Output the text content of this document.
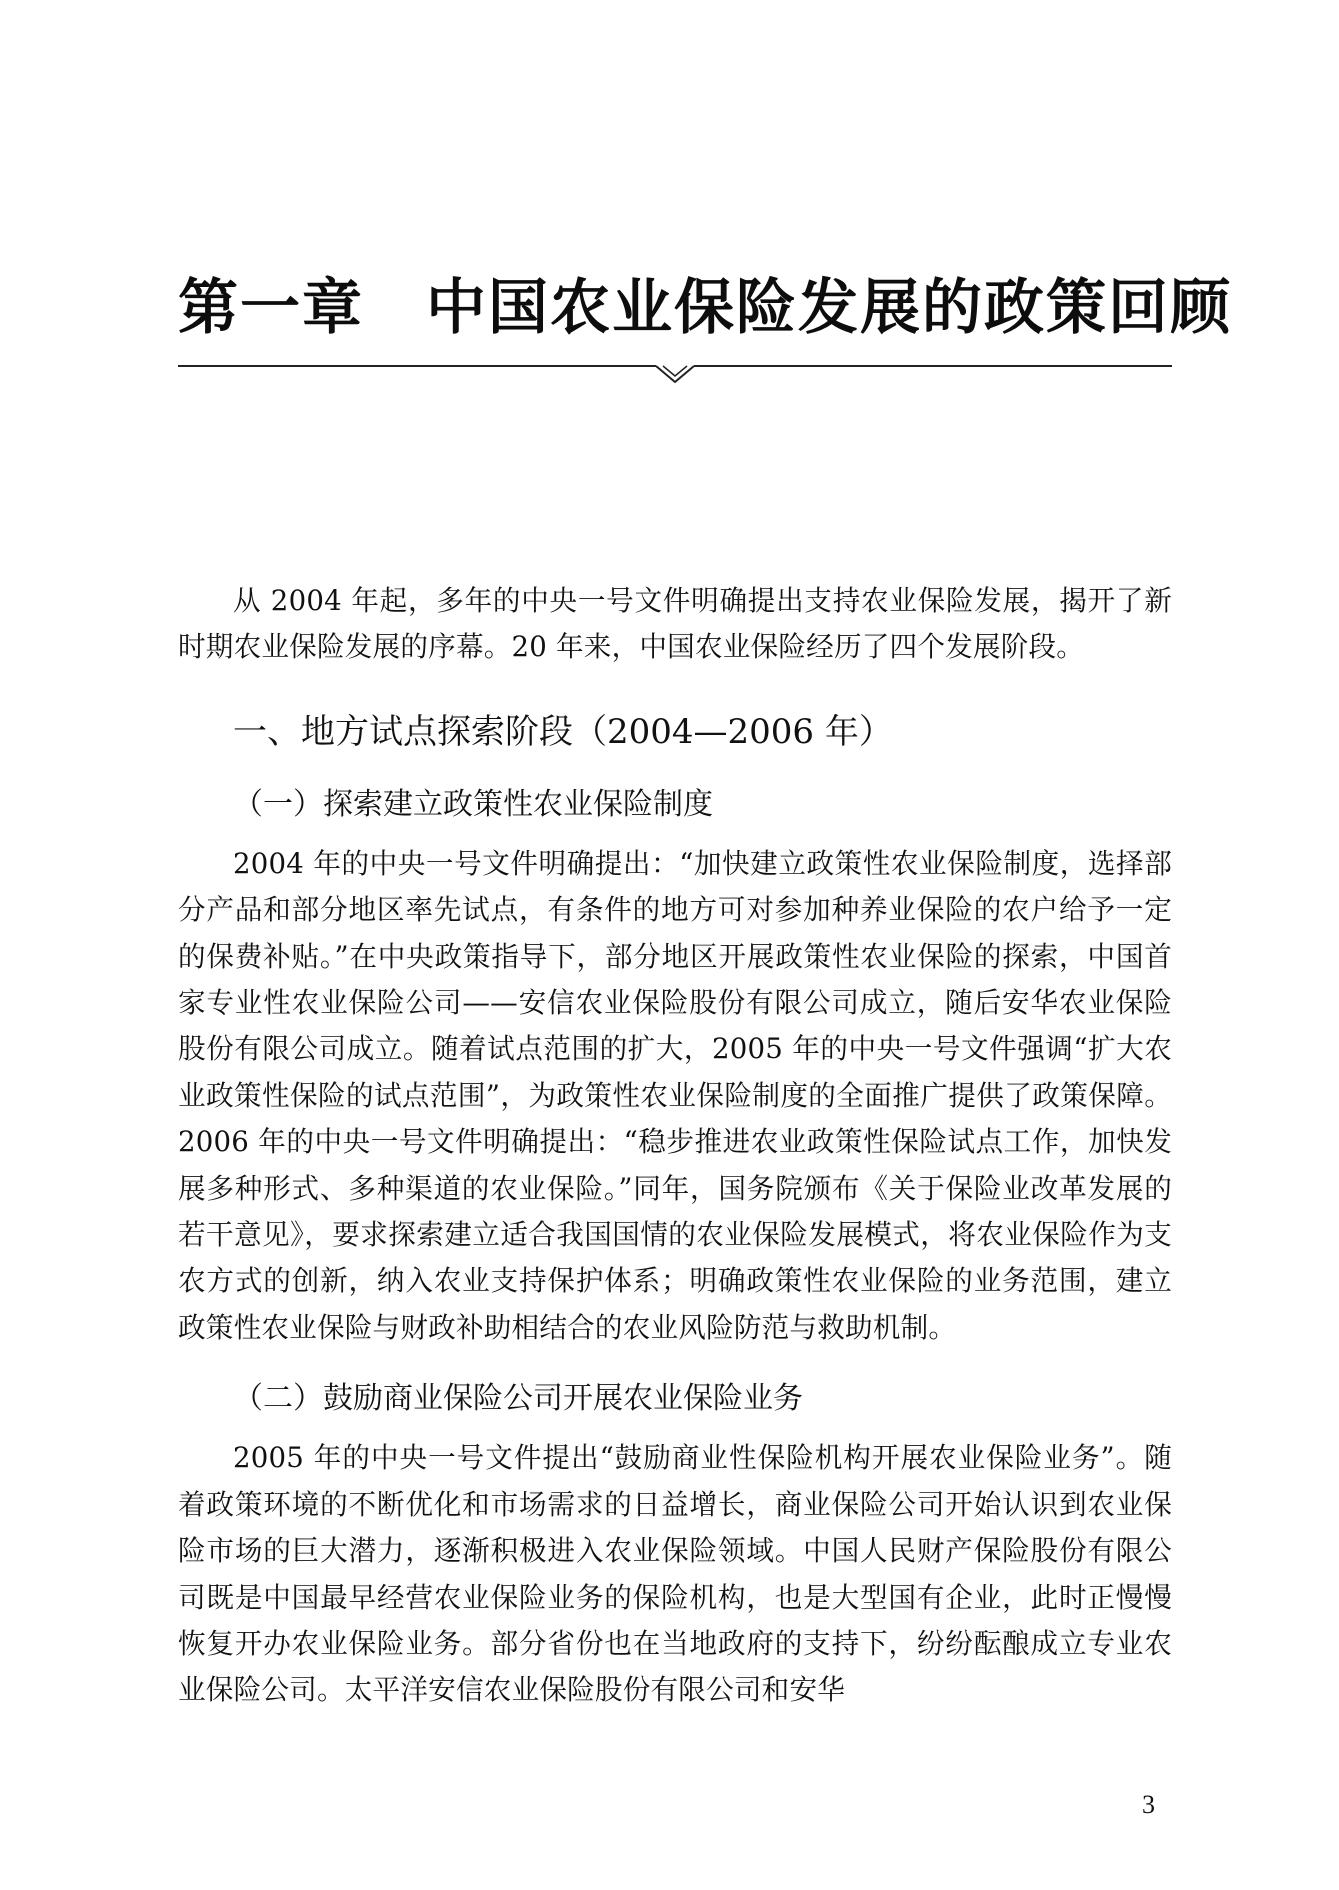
第一章 中国农业保险发展的政策回顾

从 2004 年起，多年的中央一号文件明确提出支持农业保险发展，揭开了新时期农业保险发展的序幕。20 年来，中国农业保险经历了四个发展阶段。

一、地方试点探索阶段（2004—2006 年）
（一）探索建立政策性农业保险制度

2004 年的中央一号文件明确提出：“加快建立政策性农业保险制度，选择部分产品和部分地区率先试点，有条件的地方可对参加种养业保险的农户给予一定的保费补贴。”在中央政策指导下，部分地区开展政策性农业保险的探索，中国首家专业性农业保险公司——安信农业保险股份有限公司成立，随后安华农业保险股份有限公司成立。随着试点范围的扩大，2005 年的中央一号文件强调“扩大农业政策性保险的试点范围”，为政策性农业保险制度的全面推广提供了政策保障。2006 年的中央一号文件明确提出：“稳步推进农业政策性保险试点工作，加快发展多种形式、多种渠道的农业保险。”同年，国务院颁布《关于保险业改革发展的若干意见》，要求探索建立适合我国国情的农业保险发展模式，将农业保险作为支农方式的创新，纳入农业支持保护体系；明确政策性农业保险的业务范围，建立政策性农业保险与财政补助相结合的农业风险防范与救助机制。

（二）鼓励商业保险公司开展农业保险业务

2005 年的中央一号文件提出“鼓励商业性保险机构开展农业保险业务”。随着政策环境的不断优化和市场需求的日益增长，商业保险公司开始认识到农业保险市场的巨大潜力，逐渐积极进入农业保险领域。中国人民财产保险股份有限公司既是中国最早经营农业保险业务的保险机构，也是大型国有企业，此时正慢慢恢复开办农业保险业务。部分省份也在当地政府的支持下，纷纷酝酿成立专业农业保险公司。太平洋安信农业保险股份有限公司和安华

3
